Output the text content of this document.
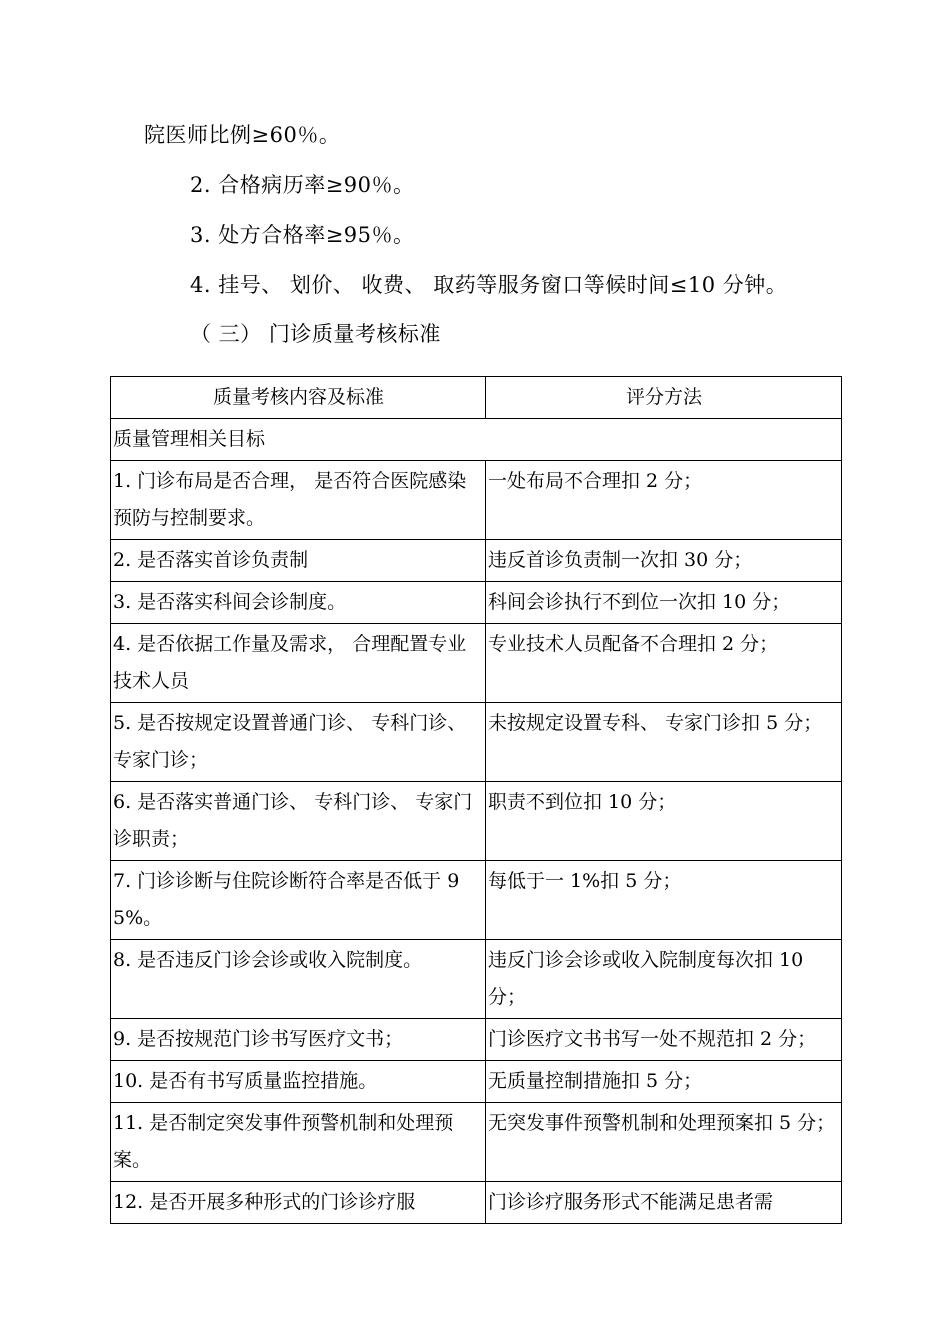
院医师比例≥60％。
2. 合格病历率≥90％。
3. 处方合格率≥95％。
4. 挂号、 划价、 收费、 取药等服务窗口等候时间≤10 分钟。
（ 三） 门诊质量考核标准
质量考核内容及标准	评分方法
质量管理相关目标	
1. 门诊布局是否合理， 是否符合医院感染预防与控制要求。	一处布局不合理扣 2 分；
2. 是否落实首诊负责制	违反首诊负责制一次扣 30 分；
3. 是否落实科间会诊制度。	科间会诊执行不到位一次扣 10 分；
4. 是否依据工作量及需求， 合理配置专业技术人员	专业技术人员配备不合理扣 2 分；
5. 是否按规定设置普通门诊、 专科门诊、 专家门诊；	未按规定设置专科、 专家门诊扣 5 分；
6. 是否落实普通门诊、 专科门诊、 专家门诊职责；	职责不到位扣 10 分；
7. 门诊诊断与住院诊断符合率是否低于 95%。	每低于一 1%扣 5 分；
8. 是否违反门诊会诊或收入院制度。	违反门诊会诊或收入院制度每次扣 10 分；
9. 是否按规范门诊书写医疗文书；	门诊医疗文书书写一处不规范扣 2 分；
10. 是否有书写质量监控措施。	无质量控制措施扣 5 分；
11. 是否制定突发事件预警机制和处理预案。	无突发事件预警机制和处理预案扣 5 分；
12. 是否开展多种形式的门诊诊疗服	门诊诊疗服务形式不能满足患者需
